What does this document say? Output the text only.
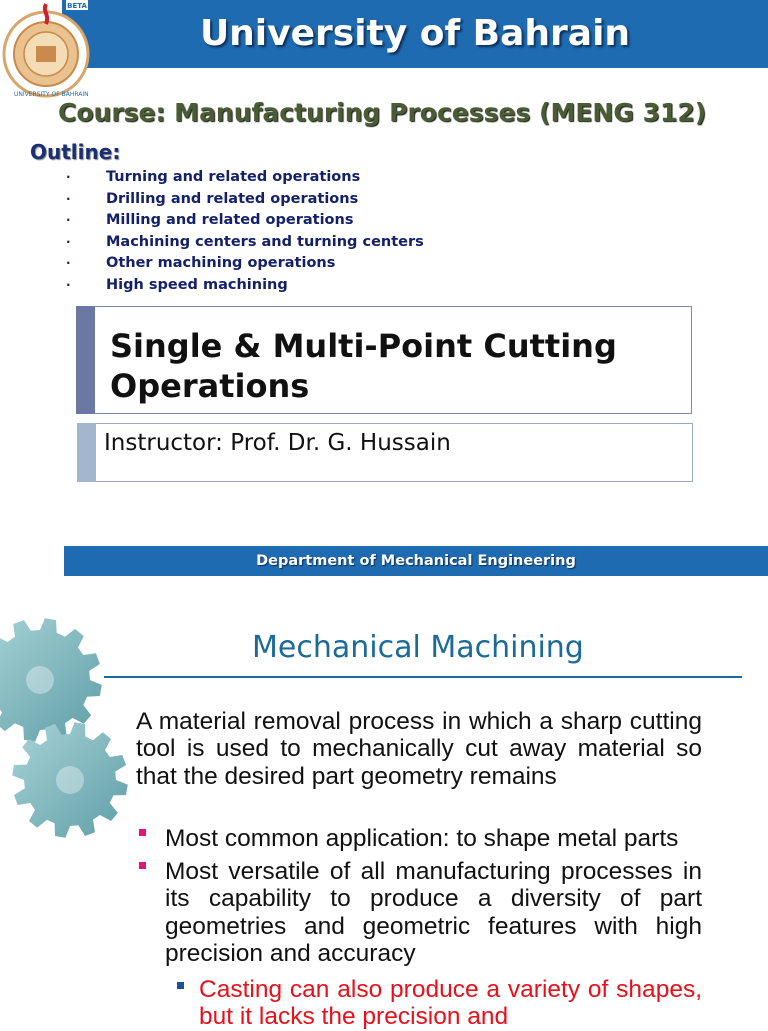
University of Bahrain
BETA
UNIVERSITY OF BAHRAIN
Course: Manufacturing Processes (MENG 312)
Outline:
· Turning and related operations
· Drilling and related operations
· Milling and related operations
· Machining centers and turning centers
· Other machining operations
· High speed machining
Single & Multi-Point Cutting Operations
Instructor: Prof. Dr. G. Hussain
Department of Mechanical Engineering
Mechanical Machining
A material removal process in which a sharp cutting tool is used to mechanically cut away material so that the desired part geometry remains
Most common application: to shape metal parts
Most versatile of all manufacturing processes in its capability to produce a diversity of part geometries and geometric features with high precision and accuracy
Casting can also produce a variety of shapes, but it lacks the precision and
